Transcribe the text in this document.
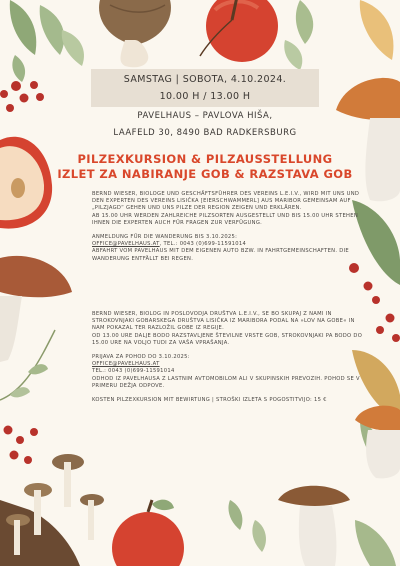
SAMSTAG | SOBOTA, 4.10.2024.
10.00 H / 13.00 H
PAVELHAUS – PAVLOVA HIŠA,
LAAFELD 30, 8490 BAD RADKERSBURG
PILZEXKURSION & PILZAUSSTELLUNG
IZLET ZA NABIRANJE GOB & RAZSTAVA GOB

BERND WIESER, BIOLOGE UND GESCHÄFTSFÜHRER DES VEREINS L.E.I.V., WIRD MIT UNS UND DEN EXPERTEN DES VEREINS LISIČKA [EIERSCHWAMMERL] AUS MARIBOR GEMEINSAM AUF „PILZJAGD“ GEHEN UND UNS PILZE DER REGION ZEIGEN UND ERKLÄREN.

AB 15.00 UHR WERDEN ZAHLREICHE PILZSORTEN AUSGESTELLT UND BIS 15.00 UHR STEHEN IHNEN DIE EXPERTEN AUCH FÜR FRAGEN ZUR VERFÜGUNG.

ANMELDUNG FÜR DIE WANDERUNG BIS 3.10.2025:

OFFICE@PAVELHAUS.AT, TEL.: 0043 (0)699-11591014

ABFAHRT VOM PAVELHAUS MIT DEM EIGENEN AUTO BZW. IN FAHRTGEMEINSCHAFTEN. DIE WANDERUNG ENTFÄLLT BEI REGEN.

BERND WIESER, BIOLOG IN POSLOVODJA DRUŠTVA L.E.I.V., SE BO SKUPAJ Z NAMI IN STROKOVNJAKI GOBARSKEGA DRUŠTVA LISIČKA IZ MARIBORA PODAL NA »LOV NA GOBE« IN NAM POKAZAL TER RAZLOŽIL GOBE IZ REGIJE.

OD 13.00 URE DALJE BODO RAZSTAVLJENE ŠTEVILNE VRSTE GOB, STROKOVNJAKI PA BODO DO 15.00 URE NA VOLJO TUDI ZA VAŠA VPRAŠANJA.

PRIJAVA ZA POHOD DO 3.10.2025:

OFFICE@PAVELHAUS.AT

TEL.: 0043 (0)699-11591014

ODHOD IZ PAVELHAUSA Z LASTNIM AVTOMOBILOM ALI V SKUPINSKIH PREVOZIH. POHOD SE V PRIMERU DEŽJA ODPOVE.

KOSTEN PILZEXKURSION MIT BEWIRTUNG | STROŠKI IZLETA S POGOSTITVIJO: 15 €
